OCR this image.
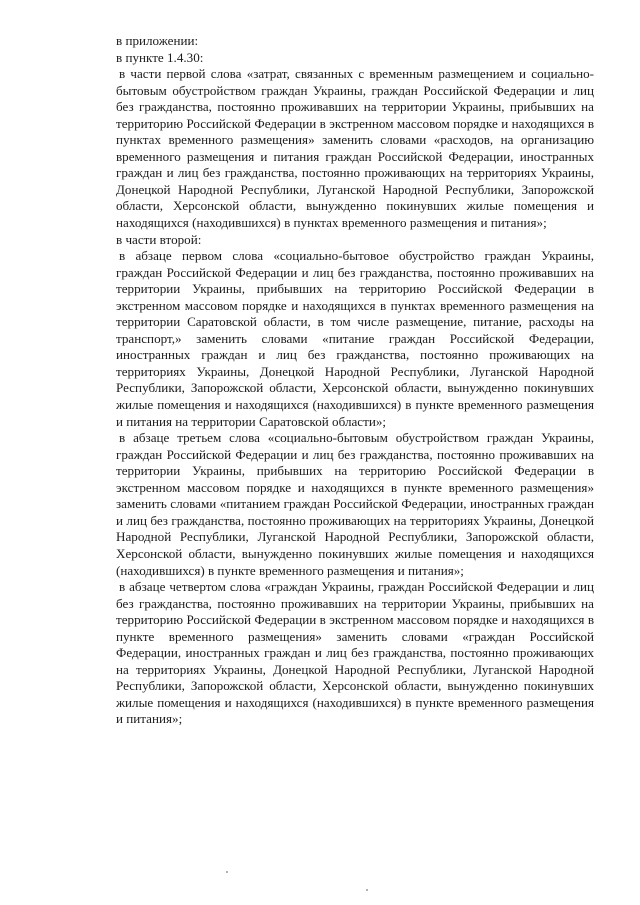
в приложении:

в пункте 1.4.30:

в части первой слова «затрат, связанных с временным размещением и социально-бытовым обустройством граждан Украины, граждан Российской Федерации и лиц без гражданства, постоянно проживавших на территории Украины, прибывших на территорию Российской Федерации в экстренном массовом порядке и находящихся в пунктах временного размещения» заменить словами «расходов, на организацию временного размещения и питания граждан Российской Федерации, иностранных граждан и лиц без гражданства, постоянно проживающих на территориях Украины, Донецкой Народной Республики, Луганской Народной Республики, Запорожской области, Херсонской области, вынужденно покинувших жилые помещения и находящихся (находившихся) в пунктах временного размещения и питания»;

в части второй:

в абзаце первом слова «социально-бытовое обустройство граждан Украины, граждан Российской Федерации и лиц без гражданства, постоянно проживавших на территории Украины, прибывших на территорию Российской Федерации в экстренном массовом порядке и находящихся в пунктах временного размещения на территории Саратовской области, в том числе размещение, питание, расходы на транспорт,» заменить словами «питание граждан Российской Федерации, иностранных граждан и лиц без гражданства, постоянно проживающих на территориях Украины, Донецкой Народной Республики, Луганской Народной Республики, Запорожской области, Херсонской области, вынужденно покинувших жилые помещения и находящихся (находившихся) в пункте временного размещения и питания на территории Саратовской области»;

в абзаце третьем слова «социально-бытовым обустройством граждан Украины, граждан Российской Федерации и лиц без гражданства, постоянно проживавших на территории Украины, прибывших на территорию Российской Федерации в экстренном массовом порядке и находящихся в пункте временного размещения» заменить словами «питанием граждан Российской Федерации, иностранных граждан и лиц без гражданства, постоянно проживающих на территориях Украины, Донецкой Народной Республики, Луганской Народной Республики, Запорожской области, Херсонской области, вынужденно покинувших жилые помещения и находящихся (находившихся) в пункте временного размещения и питания»;

в абзаце четвертом слова «граждан Украины, граждан Российской Федерации и лиц без гражданства, постоянно проживавших на территории Украины, прибывших на территорию Российской Федерации в экстренном массовом порядке и находящихся в пункте временного размещения» заменить словами «граждан Российской Федерации, иностранных граждан и лиц без гражданства, постоянно проживающих на территориях Украины, Донецкой Народной Республики, Луганской Народной Республики, Запорожской области, Херсонской области, вынужденно покинувших жилые помещения и находящихся (находившихся) в пункте временного размещения и питания»;
